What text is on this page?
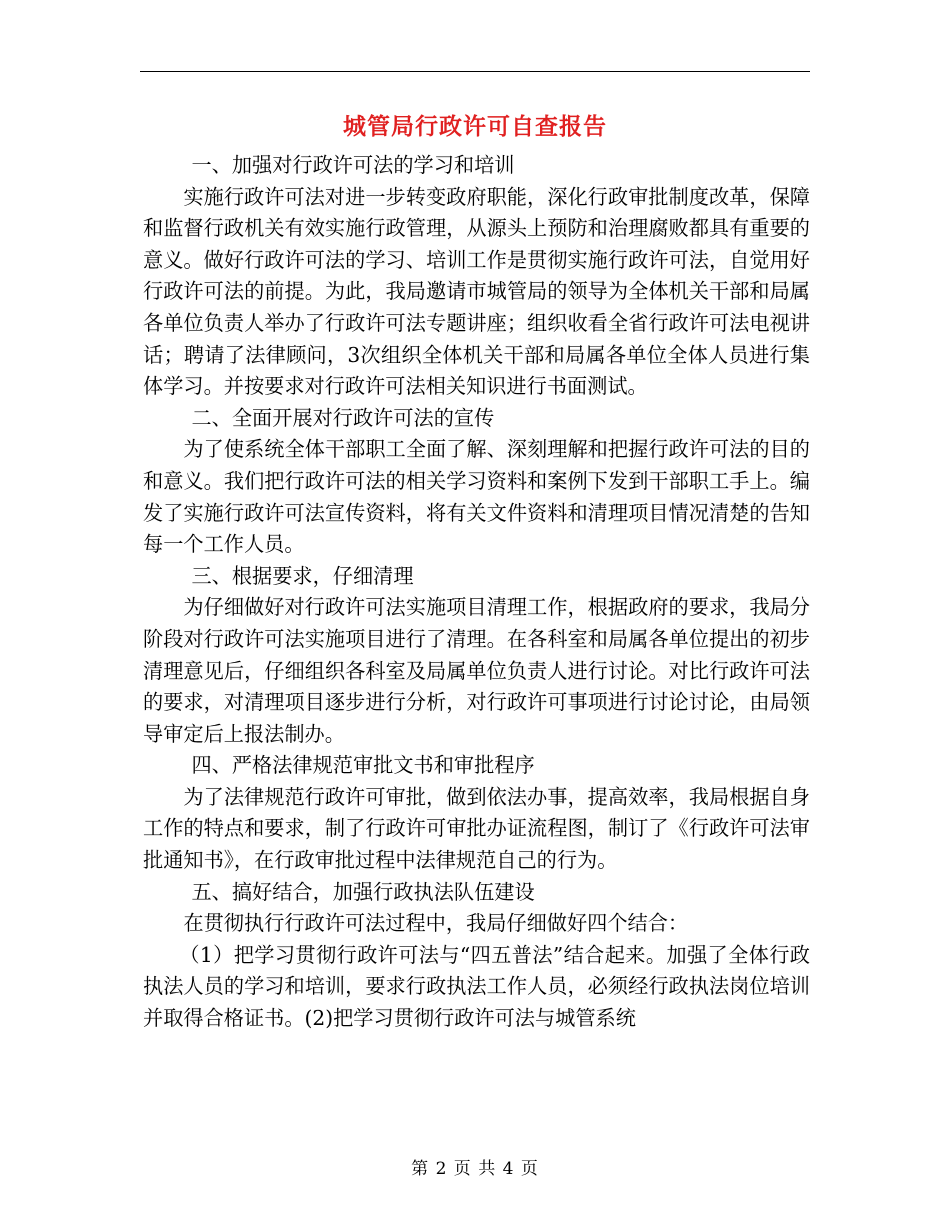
城管局行政许可自查报告

一、加强对行政许可法的学习和培训

实施行政许可法对进一步转变政府职能，深化行政审批制度改革，保障和监督行政机关有效实施行政管理，从源头上预防和治理腐败都具有重要的意义。做好行政许可法的学习、培训工作是贯彻实施行政许可法，自觉用好行政许可法的前提。为此，我局邀请市城管局的领导为全体机关干部和局属各单位负责人举办了行政许可法专题讲座；组织收看全省行政许可法电视讲话；聘请了法律顾问，3次组织全体机关干部和局属各单位全体人员进行集体学习。并按要求对行政许可法相关知识进行书面测试。

二、全面开展对行政许可法的宣传

为了使系统全体干部职工全面了解、深刻理解和把握行政许可法的目的和意义。我们把行政许可法的相关学习资料和案例下发到干部职工手上。编发了实施行政许可法宣传资料，将有关文件资料和清理项目情况清楚的告知每一个工作人员。

三、根据要求，仔细清理

为仔细做好对行政许可法实施项目清理工作，根据政府的要求，我局分阶段对行政许可法实施项目进行了清理。在各科室和局属各单位提出的初步清理意见后，仔细组织各科室及局属单位负责人进行讨论。对比行政许可法的要求，对清理项目逐步进行分析，对行政许可事项进行讨论讨论，由局领导审定后上报法制办。

四、严格法律规范审批文书和审批程序

为了法律规范行政许可审批，做到依法办事，提高效率，我局根据自身工作的特点和要求，制了行政许可审批办证流程图，制订了《行政许可法审批通知书》，在行政审批过程中法律规范自己的行为。

五、搞好结合，加强行政执法队伍建设

在贯彻执行行政许可法过程中，我局仔细做好四个结合：

（1）把学习贯彻行政许可法与“四五普法”结合起来。加强了全体行政执法人员的学习和培训，要求行政执法工作人员，必须经行政执法岗位培训并取得合格证书。(2)把学习贯彻行政许可法与城管系统

第 2 页 共 4 页
